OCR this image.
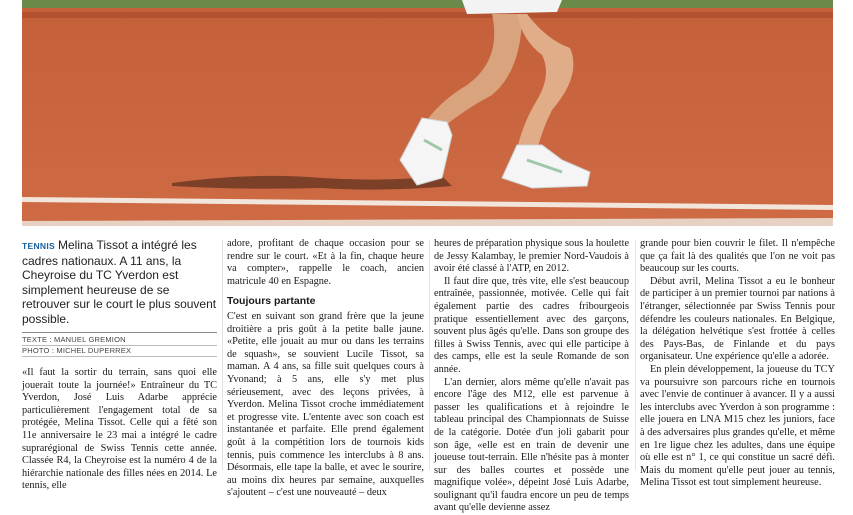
TENNIS Melina Tissot a intégré les cadres nationaux. A 11 ans, la Cheyroise du TC Yverdon est simplement heureuse de se retrouver sur le court le plus souvent possible.
TEXTE : MANUEL GREMION
PHOTO : MICHEL DUPERREX

«Il faut la sortir du terrain, sans quoi elle jouerait toute la journée!» Entraîneur du TC Yverdon, José Luis Adarbe apprécie particulièrement l'engagement total de sa protégée, Melina Tissot. Celle qui a fêté son 11e anniversaire le 23 mai a intégré le cadre suprarégional de Swiss Tennis cette année. Classée R4, la Cheyroise est la numéro 4 de la hiérarchie nationale des filles nées en 2014. Le tennis, elle

adore, profitant de chaque occasion pour se rendre sur le court. «Et à la fin, chaque heure va compter», rappelle le coach, ancien matricule 40 en Espagne.

Toujours partante

C'est en suivant son grand frère que la jeune droitière a pris goût à la petite balle jaune. «Petite, elle jouait au mur ou dans les terrains de squash», se souvient Lucile Tissot, sa maman. A 4 ans, sa fille suit quelques cours à Yvonand; à 5 ans, elle s'y met plus sérieusement, avec des leçons privées, à Yverdon. Melina Tissot croche immédiatement et progresse vite. L'entente avec son coach est instantanée et parfaite. Elle prend également goût à la compétition lors de tournois kids tennis, puis commence les interclubs à 8 ans. Désormais, elle tape la balle, et avec le sourire, au moins dix heures par semaine, auxquelles s'ajoutent – c'est une nouveauté – deux

heures de préparation physique sous la houlette de Jessy Kalambay, le premier Nord-Vaudois à avoir été classé à l'ATP, en 2012.

Il faut dire que, très vite, elle s'est beaucoup entraînée, passionnée, motivée. Celle qui fait également partie des cadres fribourgeois pratique essentiellement avec des garçons, souvent plus âgés qu'elle. Dans son groupe des filles à Swiss Tennis, avec qui elle participe à des camps, elle est la seule Romande de son année.

L'an dernier, alors même qu'elle n'avait pas encore l'âge des M12, elle est parvenue à passer les qualifications et à rejoindre le tableau principal des Championnats de Suisse de la catégorie. Dotée d'un joli gabarit pour son âge, «elle est en train de devenir une joueuse tout-terrain. Elle n'hésite pas à monter sur des balles courtes et possède une magnifique volée», dépeint José Luis Adarbe, soulignant qu'il faudra encore un peu de temps avant qu'elle devienne assez

grande pour bien couvrir le filet. Il n'empêche que ça fait là des qualités que l'on ne voit pas beaucoup sur les courts.

Début avril, Melina Tissot a eu le bonheur de participer à un premier tournoi par nations à l'étranger, sélectionnée par Swiss Tennis pour défendre les couleurs nationales. En Belgique, la délégation helvétique s'est frottée à celles des Pays-Bas, de Finlande et du pays organisateur. Une expérience qu'elle a adorée.

En plein développement, la joueuse du TCY va poursuivre son parcours riche en tournois avec l'envie de continuer à avancer. Il y a aussi les interclubs avec Yverdon à son programme : elle jouera en LNA M15 chez les juniors, face à des adversaires plus grandes qu'elle, et même en 1re ligue chez les adultes, dans une équipe où elle est n° 1, ce qui constitue un sacré défi. Mais du moment qu'elle peut jouer au tennis, Melina Tissot est tout simplement heureuse.
